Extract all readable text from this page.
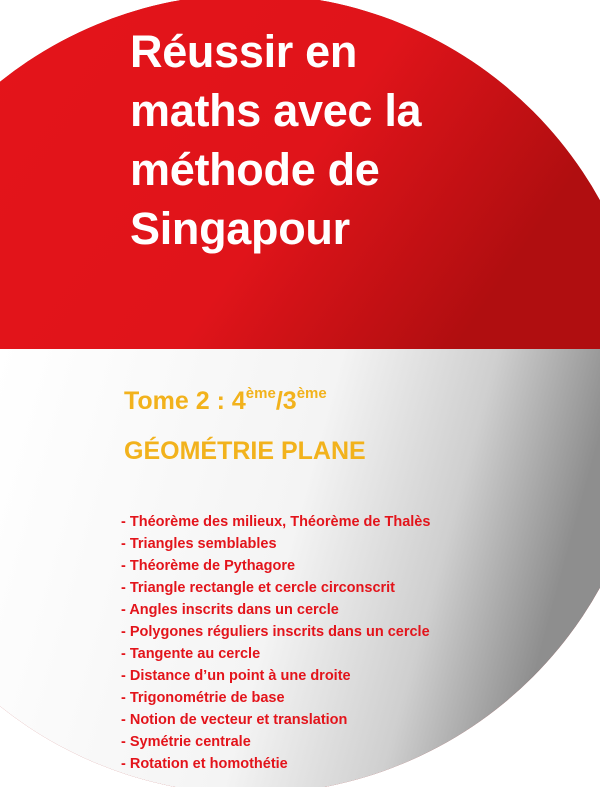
Réussir en
maths avec la
méthode de
Singapour

Tome 2 : 4ème/3ème

GÉOMÉTRIE PLANE

- Théorème des milieux, Théorème de Thalès
- Triangles semblables
- Théorème de Pythagore
- Triangle rectangle et cercle circonscrit
- Angles inscrits dans un cercle
- Polygones réguliers inscrits dans un cercle
- Tangente au cercle
- Distance d’un point à une droite
- Trigonométrie de base
- Notion de vecteur et translation
- Symétrie centrale
- Rotation et homothétie
